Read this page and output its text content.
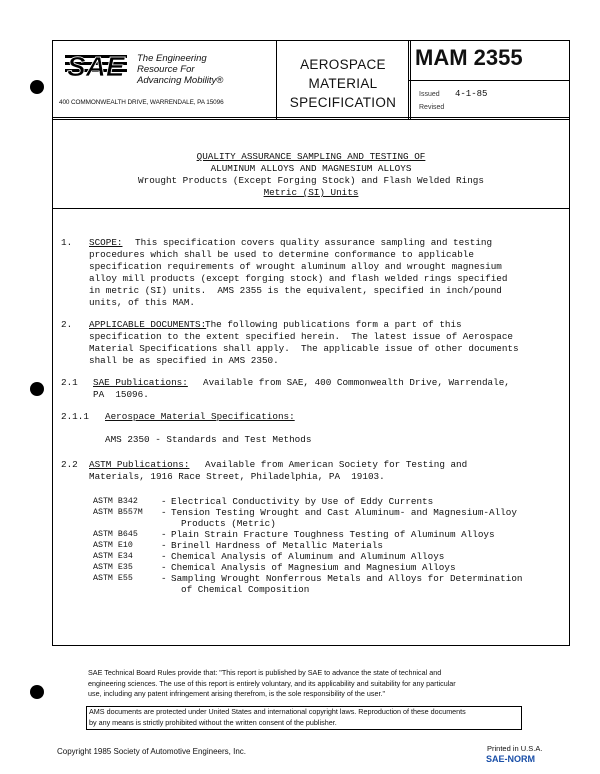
SAE The Engineering
Resource For
Advancing Mobility®
400 COMMONWEALTH DRIVE, WARRENDALE, PA 15096
AEROSPACE
MATERIAL
SPECIFICATION
MAM 2355
Issued 4-1-85
Revised
QUALITY ASSURANCE SAMPLING AND TESTING OF
ALUMINUM ALLOYS AND MAGNESIUM ALLOYS
Wrought Products (Except Forging Stock) and Flash Welded Rings
Metric (SI) Units
1. SCOPE: This specification covers quality assurance sampling and testing
procedures which shall be used to determine conformance to applicable
specification requirements of wrought aluminum alloy and wrought magnesium
alloy mill products (except forging stock) and flash welded rings specified
in metric (SI) units.  AMS 2355 is the equivalent, specified in inch/pound
units, of this MAM.
2. APPLICABLE DOCUMENTS:
The following publications form a part of this
specification to the extent specified herein.  The latest issue of Aerospace
Material Specifications shall apply.  The applicable issue of other documents
shall be as specified in AMS 2350.
2.1 SAE Publications: Available from SAE, 400 Commonwealth Drive, Warrendale,
PA  15096.
2.1.1 Aerospace Material Specifications:
AMS 2350 - Standards and Test Methods
2.2 ASTM Publications: Available from American Society for Testing and
Materials, 1916 Race Street, Philadelphia, PA  19103.
ASTM B342 - Electrical Conductivity by Use of Eddy Currents
ASTM B557M - Tension Testing Wrought and Cast Aluminum- and Magnesium-Alloy
Products (Metric)
ASTM B645 - Plain Strain Fracture Toughness Testing of Aluminum Alloys
ASTM E10	- Brinell Hardness of Metallic Materials
ASTM E34	- Chemical Analysis of Aluminum and Aluminum Alloys
ASTM E35	- Chemical Analysis of Magnesium and Magnesium Alloys
ASTM E55	- Sampling Wrought Nonferrous Metals and Alloys for Determination
of Chemical Composition
SAE Technical Board Rules provide that: "This report is published by SAE to advance the state of technical and
engineering sciences. The use of this report is entirely voluntary, and its applicability and suitability for any particular
use, including any patent infringement arising therefrom, is the sole responsibility of the user."
AMS documents are protected under United States and international copyright laws. Reproduction of these documents
by any means is strictly prohibited without the written consent of the publisher.
Copyright 1985 Society of Automotive Engineers, Inc.	Printed in U.S.A.
SAE-NORM
